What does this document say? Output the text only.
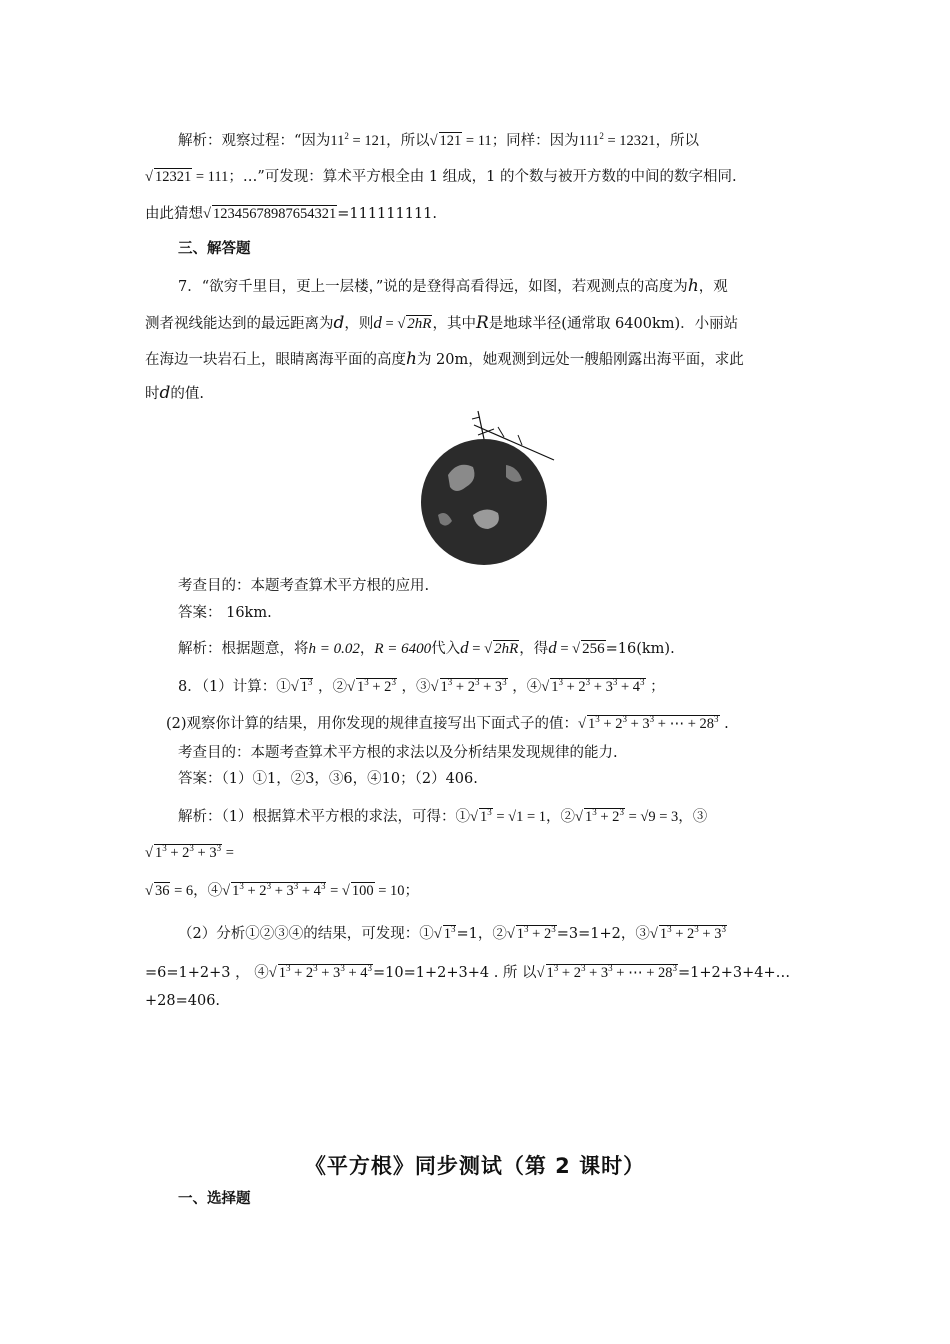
解析：观察过程：“因为$11^2 = 121$，所以√ 121 = 11；同样：因为$111^2 = 12321$，所以
√ 12321 = 111；…”可发现：算术平方根全由 1 组成，1 的个数与被开方数的中间的数字相同.
由此猜想√ 12345678987654321=111111111.
三、解答题
7．“欲穷千里目，更上一层楼，”说的是登得高看得远，如图，若观测点的高度为h，观
测者视线能达到的最远距离为d，则d = √ 2hR，其中R是地球半径(通常取 6400km)．小丽站
在海边一块岩石上，眼睛离海平面的高度h为 20m，她观测到远处一艘船刚露出海平面，求此
时d的值.
考查目的：本题考查算术平方根的应用.
答案： 16km.
解析：根据题意，将h = 0.02，R = 6400代入d = √ 2hR，得d = √ 256=16(km).
8．（1）计算：①√ $1^3$ ，②√ $1^3 + 2^3$ ，③√ $1^3 + 2^3 + 3^3$ ，④√ $1^3 + 2^3 + 3^3 + 4^3$ ；
(2)观察你计算的结果，用你发现的规律直接写出下面式子的值：√ $1^3 + 2^3 + 3^3$ + ⋯ + $28^3$ .
考查目的：本题考查算术平方根的求法以及分析结果发现规律的能力.
答案：（1）①1，②3，③6，④10；（2）406.
解析：（1）根据算术平方根的求法，可得：①√ $1^3 = √1 = 1$，②√ $1^3 + 2^3 = √9 = 3$，③
√ $1^3 + 2^3 + 3^3$ =
√ 36 = 6，④√ $1^3 + 2^3 + 3^3 + 4^3$ = √ 100 = 10；
（2）分析①②③④的结果，可发现：①√ $1^3=1$，②√ $1^3 + 2^3=3=1+2$，③√ $1^3 + 2^3 + 3^3$
=6=1+2+3 ， ④√ $1^3 + 2^3 + 3^3 + 4^3=10=1+2+3+4$ . 所 以√ $1^3 + 2^3 + 3^3$ + ⋯ + $28^3=1+2+3+4+\dots$
+28=406.
《平方根》同步测试（第 2 课时）
一、选择题
